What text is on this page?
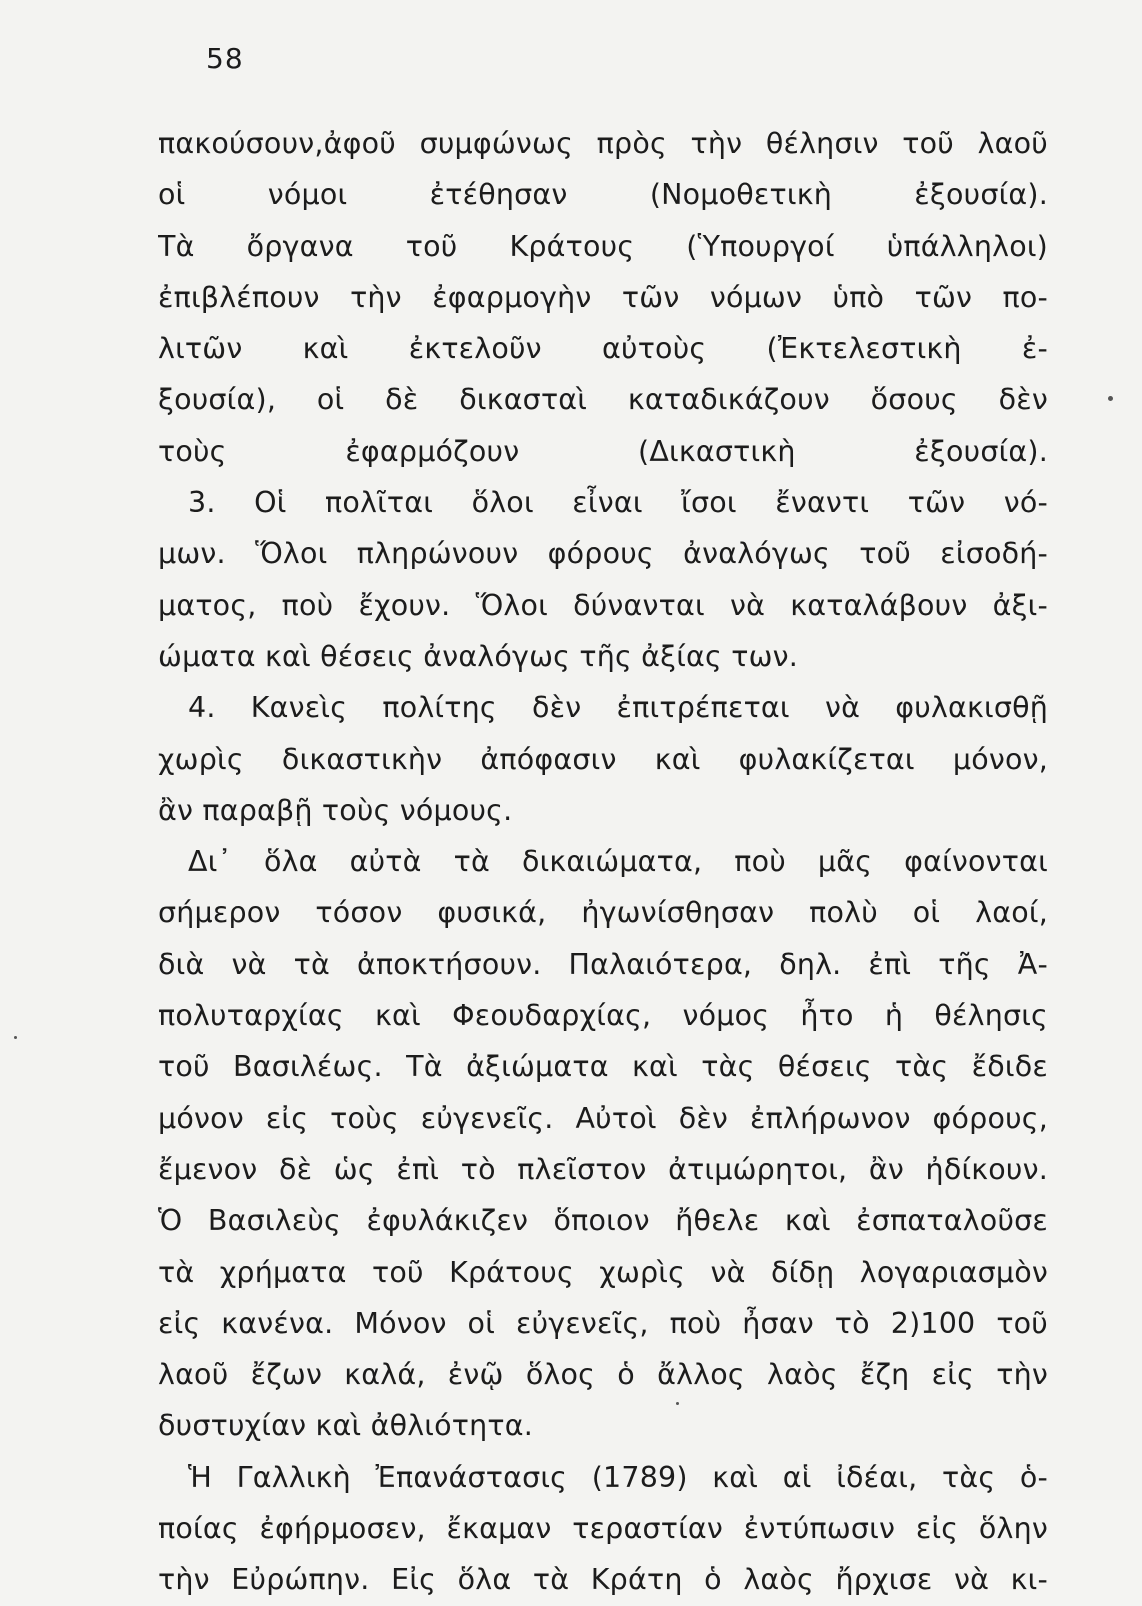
58
πακούσουν,ἀφοῦ συμφώνως πρὸς τὴν θέλησιν τοῦ λαοῦ
οἱ νόμοι ἐτέθησαν (Νομοθετικὴ ἐξουσία).
Τὰ ὄργανα τοῦ Κράτους (Ὑπουργοί ὑπάλληλοι)
ἐπιβλέπουν τὴν ἐφαρμογὴν τῶν νόμων ὑπὸ τῶν πο-
λιτῶν καὶ ἐκτελοῦν αὐτοὺς (Ἐκτελεστικὴ ἐ-
ξουσία), οἱ δὲ δικασταὶ καταδικάζουν ὅσους δὲν
τοὺς ἐφαρμόζουν (Δικαστικὴ ἐξουσία).
3. Οἱ πολῖται ὅλοι εἶναι ἴσοι ἔναντι τῶν νό-
μων. Ὅλοι πληρώνουν φόρους ἀναλόγως τοῦ εἰσοδή-
ματος, ποὺ ἔχουν. Ὅλοι δύνανται νὰ καταλάβουν ἀξι-
ώματα καὶ θέσεις ἀναλόγως τῆς ἀξίας των.
4. Κανεὶς πολίτης δὲν ἐπιτρέπεται νὰ φυλακισθῇ
χωρὶς δικαστικὴν ἀπόφασιν καὶ φυλακίζεται μόνον,
ἂν παραβῇ τοὺς νόμους.
Δι᾽ ὅλα αὐτὰ τὰ δικαιώματα, ποὺ μᾶς φαίνονται
σήμερον τόσον φυσικά, ἠγωνίσθησαν πολὺ οἱ λαοί,
διὰ νὰ τὰ ἀποκτήσουν. Παλαιότερα, δηλ. ἐπὶ τῆς Ἀ-
πολυταρχίας καὶ Φεουδαρχίας, νόμος ἦτο ἡ θέλησις
τοῦ Βασιλέως. Τὰ ἀξιώματα καὶ τὰς θέσεις τὰς ἔδιδε
μόνον εἰς τοὺς εὐγενεῖς. Αὐτοὶ δὲν ἐπλήρωνον φόρους,
ἔμενον δὲ ὡς ἐπὶ τὸ πλεῖστον ἀτιμώρητοι, ἂν ἠδίκουν.
Ὁ Βασιλεὺς ἐφυλάκιζεν ὅποιον ἤθελε καὶ ἐσπαταλοῦσε
τὰ χρήματα τοῦ Κράτους χωρὶς νὰ δίδῃ λογαριασμὸν
εἰς κανένα. Μόνον οἱ εὐγενεῖς, ποὺ ἦσαν τὸ 2)100 τοῦ
λαοῦ ἔζων καλά, ἐνῷ ὅλος ὁ ἄλλος λαὸς ἔζη εἰς τὴν
δυστυχίαν καὶ ἀθλιότητα.
Ἡ Γαλλικὴ Ἐπανάστασις (1789) καὶ αἱ ἰδέαι, τὰς ὁ-
ποίας ἐφήρμοσεν, ἔκαμαν τεραστίαν ἐντύπωσιν εἰς ὅλην
τὴν Εὐρώπην. Εἰς ὅλα τὰ Κράτη ὁ λαὸς ἤρχισε νὰ κι-
